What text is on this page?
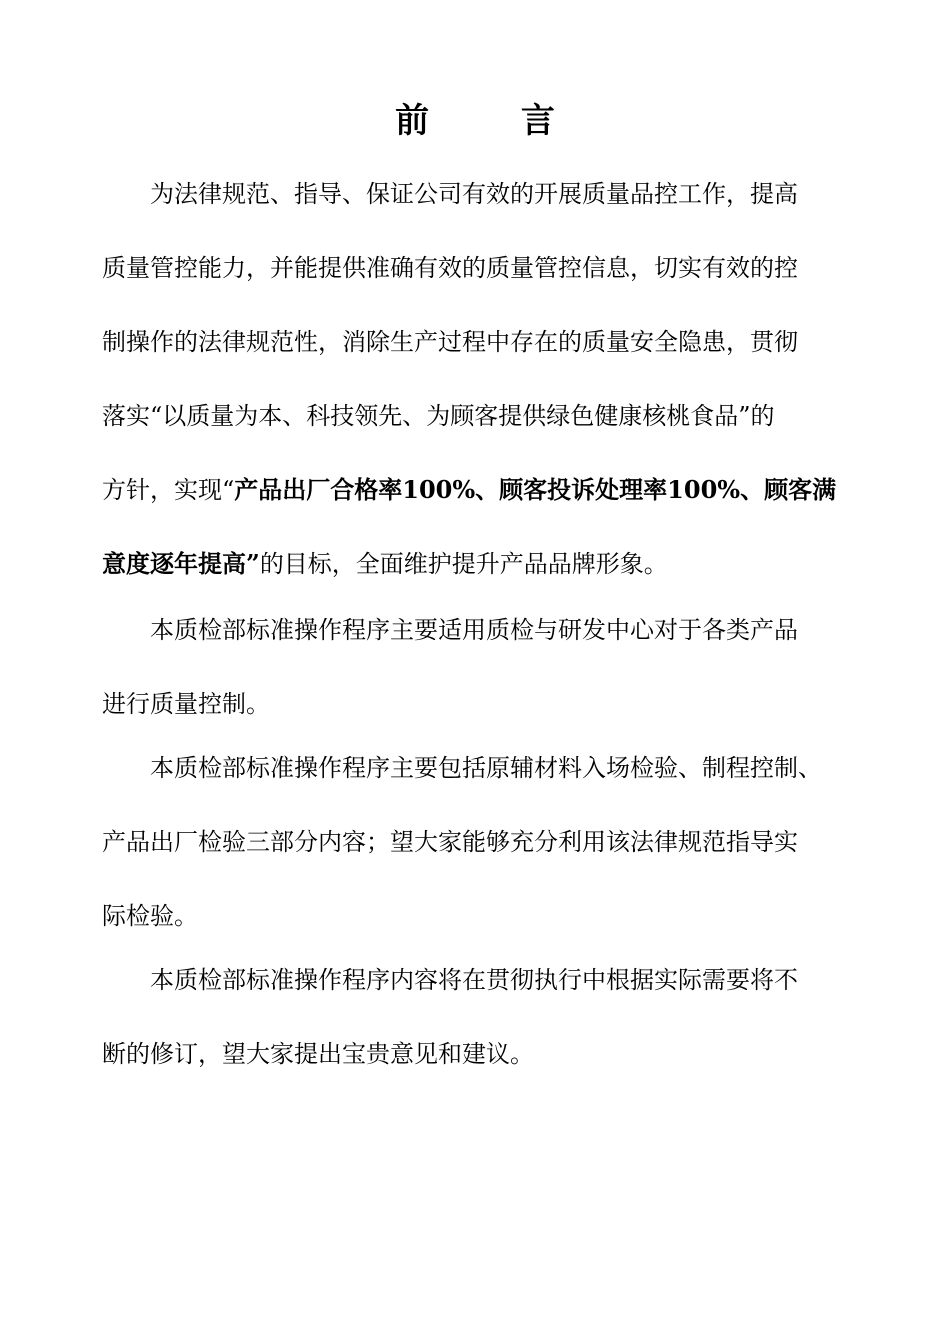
前 言
为法律规范、指导、保证公司有效的开展质量品控工作，提高
质量管控能力，并能提供准确有效的质量管控信息，切实有效的控
制操作的法律规范性，消除生产过程中存在的质量安全隐患，贯彻
落实“以质量为本、科技领先、为顾客提供绿色健康核桃食品”的
方针，实现“产品出厂合格率100%、顾客投诉处理率100%、顾客满
意度逐年提高”的目标，全面维护提升产品品牌形象。
本质检部标准操作程序主要适用质检与研发中心对于各类产品
进行质量控制。
本质检部标准操作程序主要包括原辅材料入场检验、制程控制、
产品出厂检验三部分内容；望大家能够充分利用该法律规范指导实
际检验。
本质检部标准操作程序内容将在贯彻执行中根据实际需要将不
断的修订，望大家提出宝贵意见和建议。
